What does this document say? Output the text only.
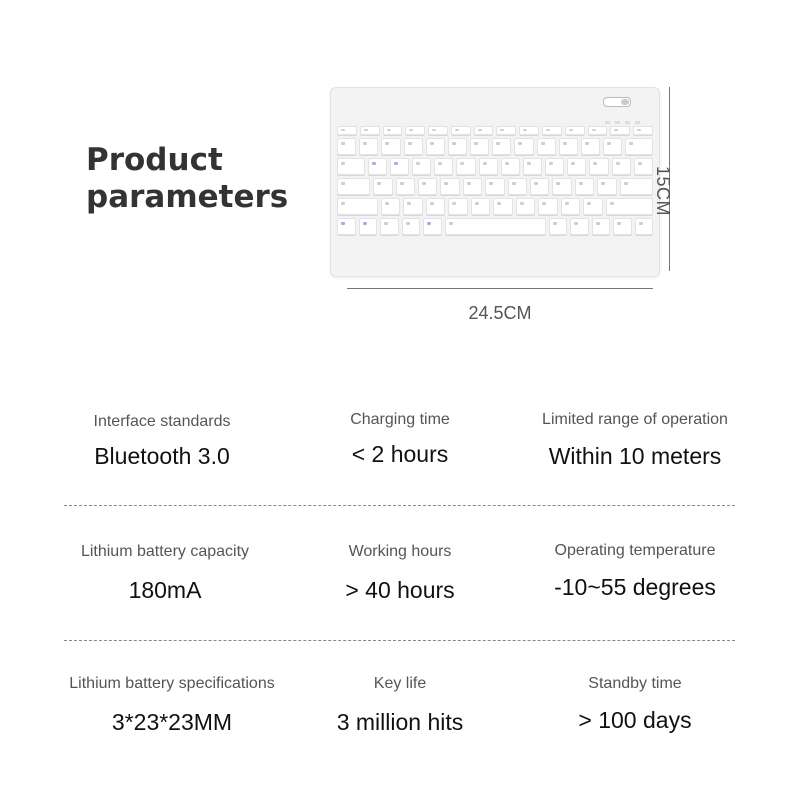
Product
parameters	15CM
24.5CM
Interface standards
Bluetooth 3.0
Charging time
< 2 hours
Limited range of operation
Within 10 meters
Lithium battery capacity
180mA
Working hours
> 40 hours
Operating temperature
-10~55 degrees
Lithium battery specifications
3*23*23MM
Key life
3 million hits
Standby time
> 100 days
